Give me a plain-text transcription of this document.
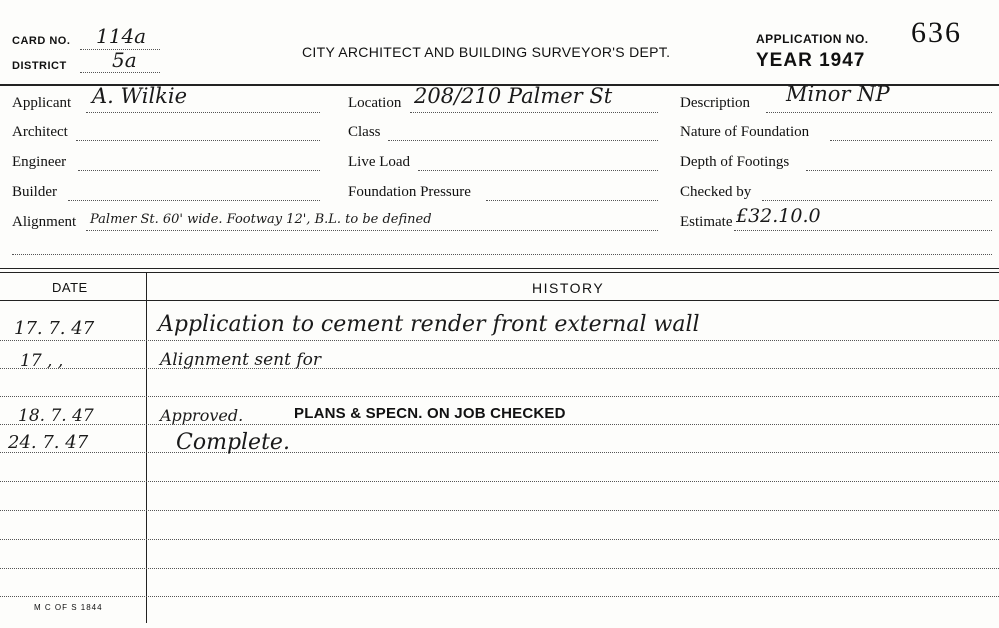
CARD NO. 114a
DISTRICT 5a	CITY ARCHITECT AND BUILDING SURVEYOR'S DEPT.
APPLICATION NO. 636
YEAR 1947
Applicant A. Wilkie	Location 208/210 Palmer St	Description Minor NP
Architect	Class	Nature of Foundation
Engineer	Live Load	Depth of Footings
Builder	Foundation Pressure	Checked by
Alignment Palmer St. 60' wide. Footway 12', B.L. to be defined	Estimate £32.10.0
DATE	HISTORY
17. 7. 47	Application to cement render front external wall
17 , ,	Alignment sent for
18. 7. 47	Approved.	PLANS & SPECN. ON JOB CHECKED
24. 7. 47	Complete.
M C OF S 1844
